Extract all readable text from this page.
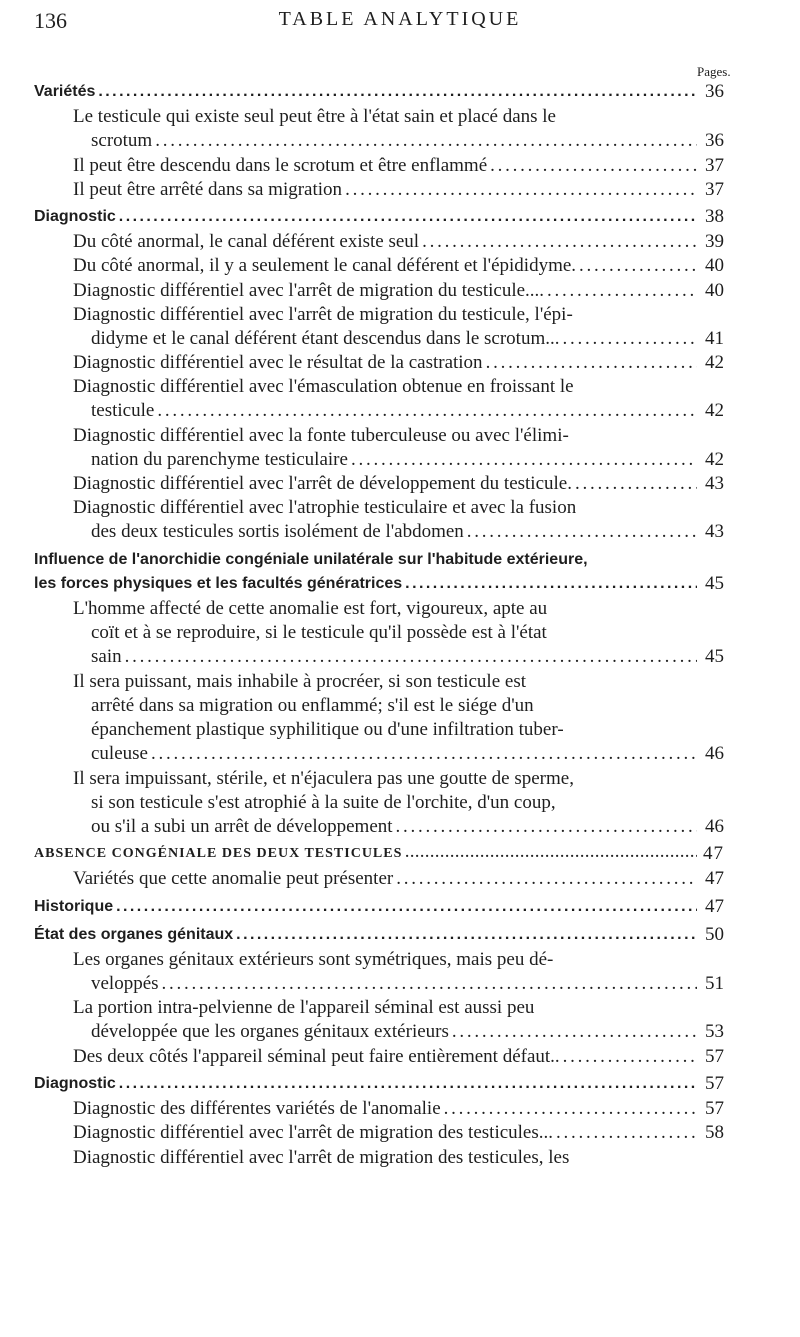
136	TABLE ANALYTIQUE
Pages.
Variétés . . .	36
Le testicule qui existe seul peut être à l'état sain et placé dans le
scrotum . . .	36
Il peut être descendu dans le scrotum et être enflammé . . .	37
Il peut être arrêté dans sa migration . . .	37
Diagnostic . . .	38
Du côté anormal, le canal déférent existe seul . . .	39
Du côté anormal, il y a seulement le canal déférent et l'épididyme. . . .	40
Diagnostic différentiel avec l'arrêt de migration du testicule.... . . .	40
Diagnostic différentiel avec l'arrêt de migration du testicule, l'épi-
didyme et le canal déférent étant descendus dans le scrotum... . . .	41
Diagnostic différentiel avec le résultat de la castration . . .	42
Diagnostic différentiel avec l'émasculation obtenue en froissant le
testicule . . .	42
Diagnostic différentiel avec la fonte tuberculeuse ou avec l'élimi-
nation du parenchyme testiculaire . . .	42
Diagnostic différentiel avec l'arrêt de développement du testicule. . . .	43
Diagnostic différentiel avec l'atrophie testiculaire et avec la fusion
des deux testicules sortis isolément de l'abdomen . . .	43
Influence de l'anorchidie congéniale unilatérale sur l'habitude extérieure,
les forces physiques et les facultés génératrices . . .	45
L'homme affecté de cette anomalie est fort, vigoureux, apte au
coït et à se reproduire, si le testicule qu'il possède est à l'état
sain . . .	45
Il sera puissant, mais inhabile à procréer, si son testicule est
arrêté dans sa migration ou enflammé; s'il est le siége d'un
épanchement plastique syphilitique ou d'une infiltration tuber-
culeuse . . .	46
Il sera impuissant, stérile, et n'éjaculera pas une goutte de sperme,
si son testicule s'est atrophié à la suite de l'orchite, d'un coup,
ou s'il a subi un arrêt de développement . . .	46
ABSENCE CONGÉNIALE DES DEUX TESTICULES . . .	47
Variétés que cette anomalie peut présenter . . .	47
Historique . . .	47
État des organes génitaux . . .	50
Les organes génitaux extérieurs sont symétriques, mais peu dé-
veloppés . . .	51
La portion intra-pelvienne de l'appareil séminal est aussi peu
développée que les organes génitaux extérieurs . . .	53
Des deux côtés l'appareil séminal peut faire entièrement défaut.. . . .	57
Diagnostic . . .	57
Diagnostic des différentes variétés de l'anomalie . . .	57
Diagnostic différentiel avec l'arrêt de migration des testicules... . . .	58
Diagnostic différentiel avec l'arrêt de migration des testicules, les
